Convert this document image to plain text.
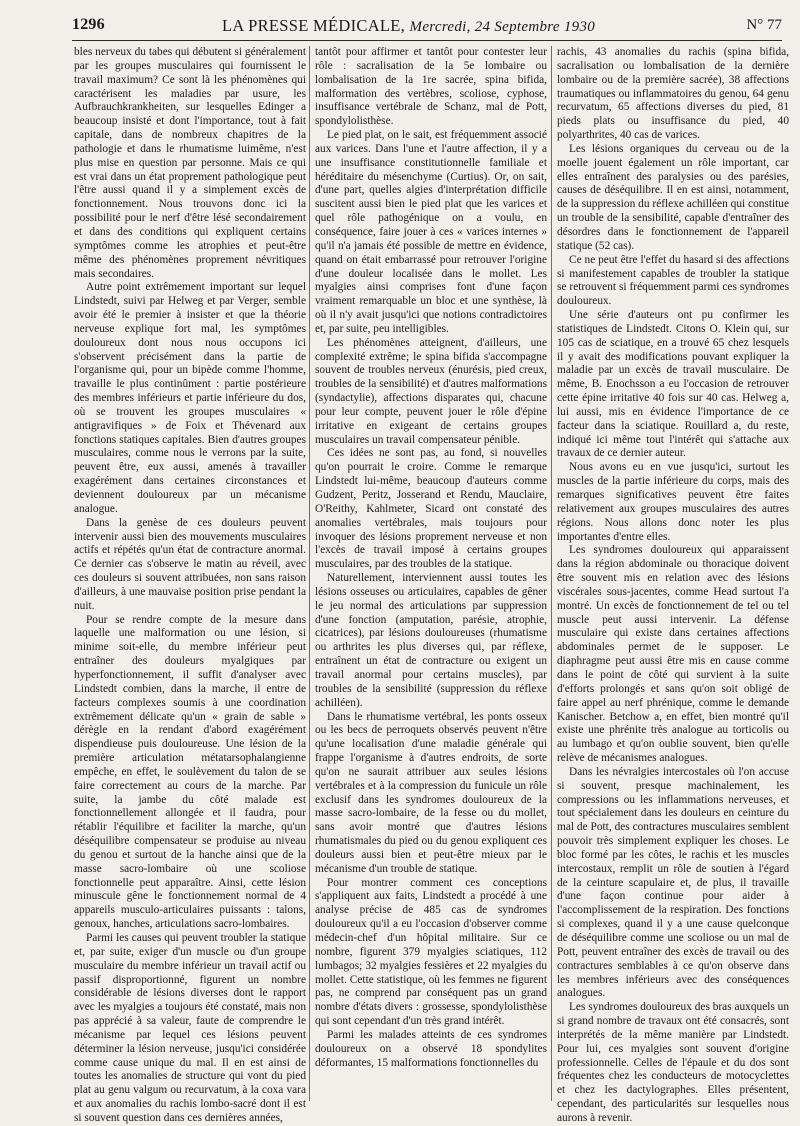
1296	LA PRESSE MÉDICALE, Mercredi, 24 Septembre 1930	N° 77

bles nerveux du tabes qui débutent si généralement par les groupes musculaires qui fournissent le travail maximum? Ce sont là les phénomènes qui caractérisent les maladies par usure, les Aufbrauchkrankheiten, sur lesquelles Edinger a beaucoup insisté et dont l'importance, tout à fait capitale, dans de nombreux chapitres de la pathologie et dans le rhumatisme luimême, n'est plus mise en question par personne. Mais ce qui est vrai dans un état proprement pathologique peut l'être aussi quand il y a simplement excès de fonctionnement. Nous trouvons donc ici la possibilité pour le nerf d'être lésé secondairement et dans des conditions qui expliquent certains symptômes comme les atrophies et peut-être même des phénomènes proprement névritiques mais secondaires.

Autre point extrêmement important sur lequel Lindstedt, suivi par Helweg et par Verger, semble avoir été le premier à insister et que la théorie nerveuse explique fort mal, les symptômes douloureux dont nous nous occupons ici s'observent précisément dans la partie de l'organisme qui, pour un bipède comme l'homme, travaille le plus continûment : partie postérieure des membres inférieurs et partie inférieure du dos, où se trouvent les groupes musculaires « antigravifiques » de Foix et Thévenard aux fonctions statiques capitales. Bien d'autres groupes musculaires, comme nous le verrons par la suite, peuvent être, eux aussi, amenés à travailler exagérément dans certaines circonstances et deviennent douloureux par un mécanisme analogue.

Dans la genèse de ces douleurs peuvent intervenir aussi bien des mouvements musculaires actifs et répétés qu'un état de contracture anormal. Ce dernier cas s'observe le matin au réveil, avec ces douleurs si souvent attribuées, non sans raison d'ailleurs, à une mauvaise position prise pendant la nuit.

Pour se rendre compte de la mesure dans laquelle une malformation ou une lésion, si minime soit-elle, du membre inférieur peut entraîner des douleurs myalgiques par hyperfonctionnement, il suffit d'analyser avec Lindstedt combien, dans la marche, il entre de facteurs complexes soumis à une coordination extrêmement délicate qu'un « grain de sable » dérègle en la rendant d'abord exagérément dispendieuse puis douloureuse. Une lésion de la première articulation métatarsophalangienne empêche, en effet, le soulèvement du talon de se faire correctement au cours de la marche. Par suite, la jambe du côté malade est fonctionnellement allongée et il faudra, pour rétablir l'équilibre et faciliter la marche, qu'un déséquilibre compensateur se produise au niveau du genou et surtout de la hanche ainsi que de la masse sacro-lombaire où une scoliose fonctionnelle peut apparaître. Ainsi, cette lésion minuscule gêne le fonctionnement normal de 4 appareils musculo-articulaires puissants : talons, genoux, hanches, articulations sacro-lombaires.

Parmi les causes qui peuvent troubler la statique et, par suite, exiger d'un muscle ou d'un groupe musculaire du membre inférieur un travail actif ou passif disproportionné, figurent un nombre considérable de lésions diverses dont le rapport avec les myalgies a toujours été constaté, mais non pas apprécié à sa valeur, faute de comprendre le mécanisme par lequel ces lésions peuvent déterminer la lésion nerveuse, jusqu'ici considérée comme cause unique du mal. Il en est ainsi de toutes les anomalies de structure qui vont du pied plat au genu valgum ou recurvatum, à la coxa vara et aux anomalies du rachis lombo-sacré dont il est si souvent question dans ces dernières années,

tantôt pour affirmer et tantôt pour contester leur rôle : sacralisation de la 5e lombaire ou lombalisation de la 1re sacrée, spina bifida, malformation des vertèbres, scoliose, cyphose, insuffisance vertébrale de Schanz, mal de Pott, spondylolisthèse.

Le pied plat, on le sait, est fréquemment associé aux varices. Dans l'une et l'autre affection, il y a une insuffisance constitutionnelle familiale et héréditaire du mésenchyme (Curtius). Or, on sait, d'une part, quelles algies d'interprétation difficile suscitent aussi bien le pied plat que les varices et quel rôle pathogénique on a voulu, en conséquence, faire jouer à ces « varices internes » qu'il n'a jamais été possible de mettre en évidence, quand on était embarrassé pour retrouver l'origine d'une douleur localisée dans le mollet. Les myalgies ainsi comprises font d'une façon vraiment remarquable un bloc et une synthèse, là où il n'y avait jusqu'ici que notions contradictoires et, par suite, peu intelligibles.

Les phénomènes atteignent, d'ailleurs, une complexité extrême; le spina bifida s'accompagne souvent de troubles nerveux (énurésis, pied creux, troubles de la sensibilité) et d'autres malformations (syndactylie), affections disparates qui, chacune pour leur compte, peuvent jouer le rôle d'épine irritative en exigeant de certains groupes musculaires un travail compensateur pénible.

Ces idées ne sont pas, au fond, si nouvelles qu'on pourrait le croire. Comme le remarque Lindstedt lui-même, beaucoup d'auteurs comme Gudzent, Peritz, Josserand et Rendu, Mauclaire, O'Reithy, Kahlmeter, Sicard ont constaté des anomalies vertébrales, mais toujours pour invoquer des lésions proprement nerveuse et non l'excès de travail imposé à certains groupes musculaires, par des troubles de la statique.

Naturellement, interviennent aussi toutes les lésions osseuses ou articulaires, capables de gêner le jeu normal des articulations par suppression d'une fonction (amputation, parésie, atrophie, cicatrices), par lésions douloureuses (rhumatisme ou arthrites les plus diverses qui, par réflexe, entraînent un état de contracture ou exigent un travail anormal pour certains muscles), par troubles de la sensibilité (suppression du réflexe achilléen).

Dans le rhumatisme vertébral, les ponts osseux ou les becs de perroquets observés peuvent n'être qu'une localisation d'une maladie générale qui frappe l'organisme à d'autres endroits, de sorte qu'on ne saurait attribuer aux seules lésions vertébrales et à la compression du funicule un rôle exclusif dans les syndromes douloureux de la masse sacro-lombaire, de la fesse ou du mollet, sans avoir montré que d'autres lésions rhumatismales du pied ou du genou expliquent ces douleurs aussi bien et peut-être mieux par le mécanisme d'un trouble de statique.

Pour montrer comment ces conceptions s'appliquent aux faits, Lindstedt a procédé à une analyse précise de 485 cas de syndromes douloureux qu'il a eu l'occasion d'observer comme médecin-chef d'un hôpital militaire. Sur ce nombre, figurent 379 myalgies sciatiques, 112 lumbagos; 32 myalgies fessières et 22 myalgies du mollet. Cette statistique, où les femmes ne figurent pas, ne comprend par conséquent pas un grand nombre d'états divers : grossesse, spondylolisthèse qui sont cependant d'un très grand intérêt.

Parmi les malades atteints de ces syndromes douloureux on a observé 18 spondylites déformantes, 15 malformations fonctionnelles du

rachis, 43 anomalies du rachis (spina bifida, sacralisation ou lombalisation de la dernière lombaire ou de la première sacrée), 38 affections traumatiques ou inflammatoires du genou, 64 genu recurvatum, 65 affections diverses du pied, 81 pieds plats ou insuffisance du pied, 40 polyarthrites, 40 cas de varices.

Les lésions organiques du cerveau ou de la moelle jouent également un rôle important, car elles entraînent des paralysies ou des parésies, causes de déséquilibre. Il en est ainsi, notamment, de la suppression du réflexe achilléen qui constitue un trouble de la sensibilité, capable d'entraîner des désordres dans le fonctionnement de l'appareil statique (52 cas).

Ce ne peut être l'effet du hasard si des affections si manifestement capables de troubler la statique se retrouvent si fréquemment parmi ces syndromes douloureux.

Une série d'auteurs ont pu confirmer les statistiques de Lindstedt. Citons O. Klein qui, sur 105 cas de sciatique, en a trouvé 65 chez lesquels il y avait des modifications pouvant expliquer la maladie par un excès de travail musculaire. De même, B. Enochsson a eu l'occasion de retrouver cette épine irritative 40 fois sur 40 cas. Helweg a, lui aussi, mis en évidence l'importance de ce facteur dans la sciatique. Rouillard a, du reste, indiqué ici même tout l'intérêt qui s'attache aux travaux de ce dernier auteur.

Nous avons eu en vue jusqu'ici, surtout les muscles de la partie inférieure du corps, mais des remarques significatives peuvent être faites relativement aux groupes musculaires des autres régions. Nous allons donc noter les plus importantes d'entre elles.

Les syndromes douloureux qui apparaissent dans la région abdominale ou thoracique doivent être souvent mis en relation avec des lésions viscérales sous-jacentes, comme Head surtout l'a montré. Un excès de fonctionnement de tel ou tel muscle peut aussi intervenir. La défense musculaire qui existe dans certaines affections abdominales permet de le supposer. Le diaphragme peut aussi être mis en cause comme dans le point de côté qui survient à la suite d'efforts prolongés et sans qu'on soit obligé de faire appel au nerf phrénique, comme le demande Kanischer. Betchow a, en effet, bien montré qu'il existe une phrénite très analogue au torticolis ou au lumbago et qu'on oublie souvent, bien qu'elle relève de mécanismes analogues.

Dans les névralgies intercostales où l'on accuse si souvent, presque machinalement, les compressions ou les inflammations nerveuses, et tout spécialement dans les douleurs en ceinture du mal de Pott, des contractures musculaires semblent pouvoir très simplement expliquer les choses. Le bloc formé par les côtes, le rachis et les muscles intercostaux, remplit un rôle de soutien à l'égard de la ceinture scapulaire et, de plus, il travaille d'une façon continue pour aider à l'accomplissement de la respiration. Des fonctions si complexes, quand il y a une cause quelconque de déséquilibre comme une scoliose ou un mal de Pott, peuvent entraîner des excès de travail ou des contractures semblables à ce qu'on observe dans les membres inférieurs avec des conséquences analogues.

Les syndromes douloureux des bras auxquels un si grand nombre de travaux ont été consacrés, sont interprétés de la même manière par Lindstedt. Pour lui, ces myalgies sont souvent d'origine professionnelle. Celles de l'épaule et du dos sont fréquentes chez les conducteurs de motocyclettes et chez les dactylographes. Elles présentent, cependant, des particularités sur lesquelles nous aurons à revenir.
